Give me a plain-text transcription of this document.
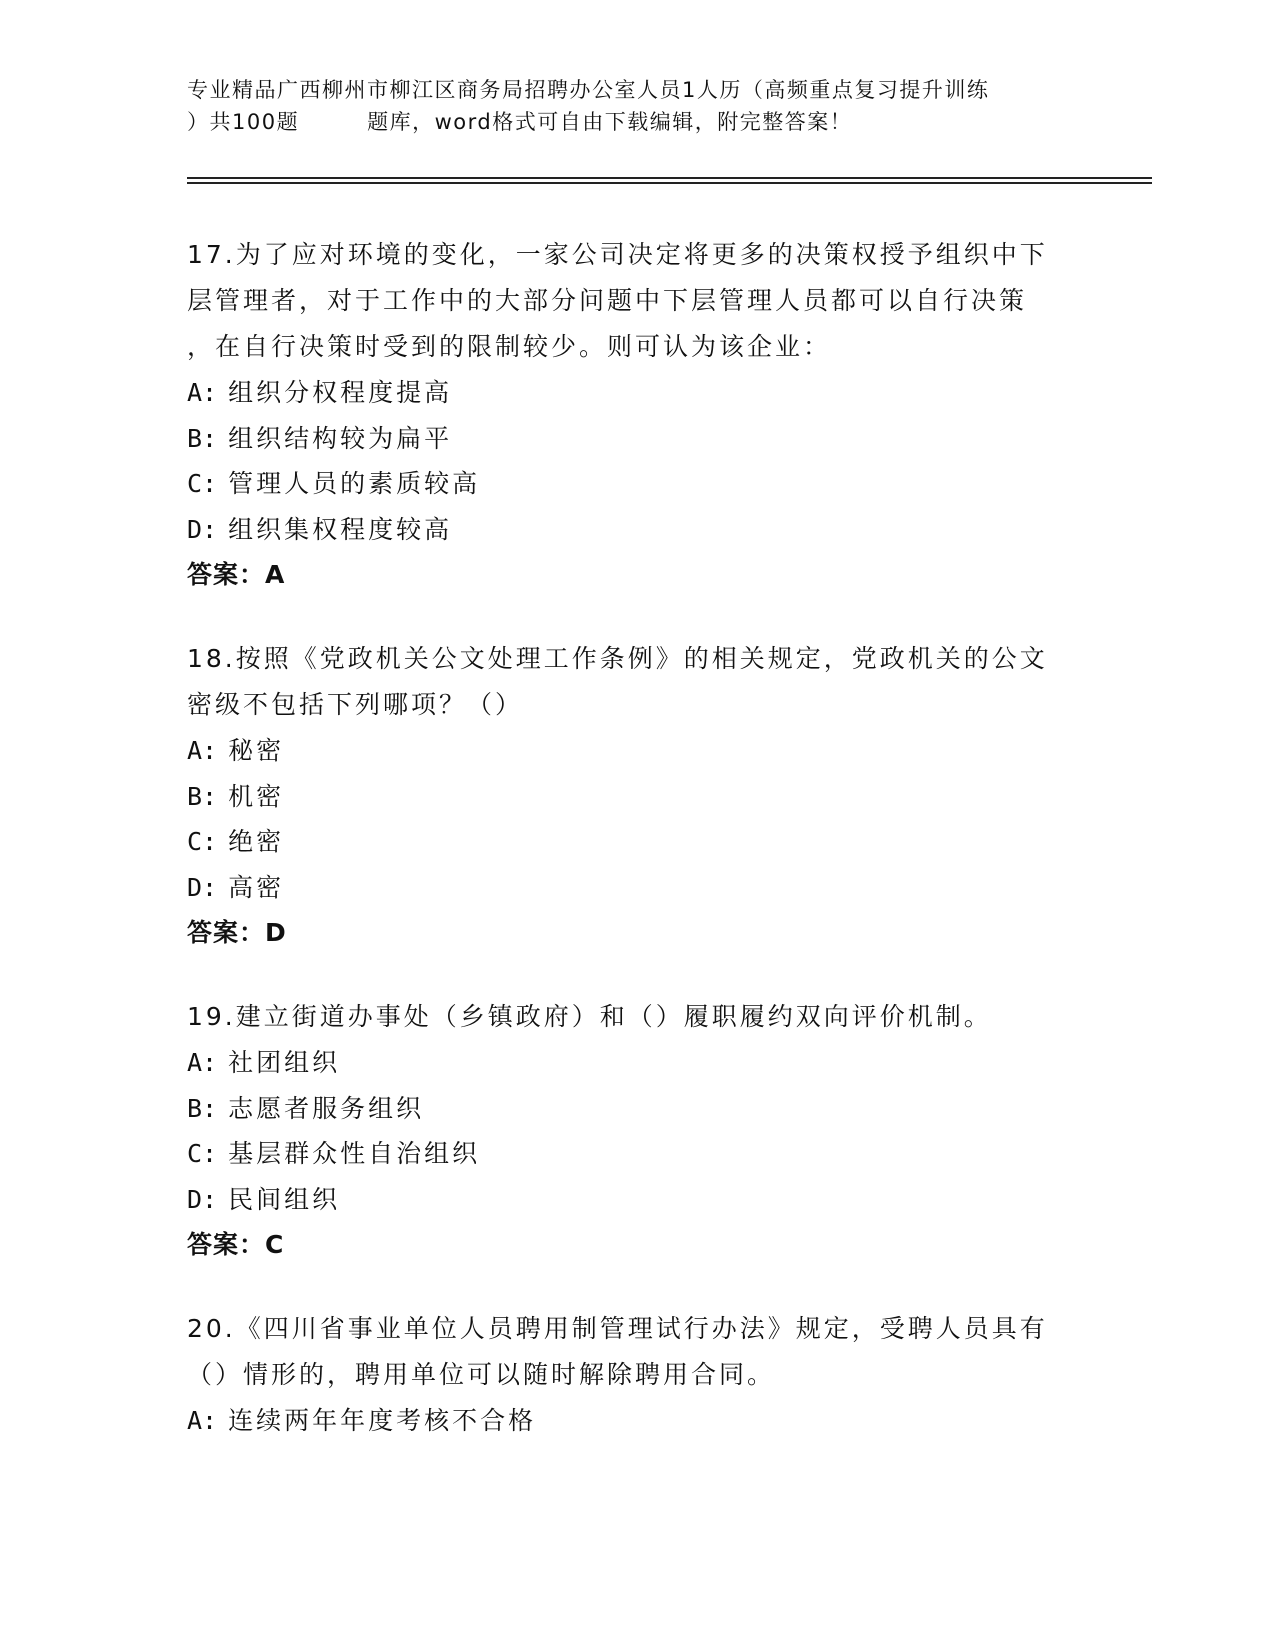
专业精品广西柳州市柳江区商务局招聘办公室人员1人历（高频重点复习提升训练
）共100题	题库，word格式可自由下载编辑，附完整答案！
17.为了应对环境的变化，一家公司决定将更多的决策权授予组织中下
层管理者，对于工作中的大部分问题中下层管理人员都可以自行决策
，在自行决策时受到的限制较少。则可认为该企业：
A: 组织分权程度提高
B: 组织结构较为扁平
C: 管理人员的素质较高
D: 组织集权程度较高
答案：A
18.按照《党政机关公文处理工作条例》的相关规定，党政机关的公文
密级不包括下列哪项？（）
A: 秘密
B: 机密
C: 绝密
D: 高密
答案：D
19.建立街道办事处（乡镇政府）和（）履职履约双向评价机制。
A: 社团组织
B: 志愿者服务组织
C: 基层群众性自治组织
D: 民间组织
答案：C
20.《四川省事业单位人员聘用制管理试行办法》规定，受聘人员具有
（）情形的，聘用单位可以随时解除聘用合同。
A: 连续两年年度考核不合格
